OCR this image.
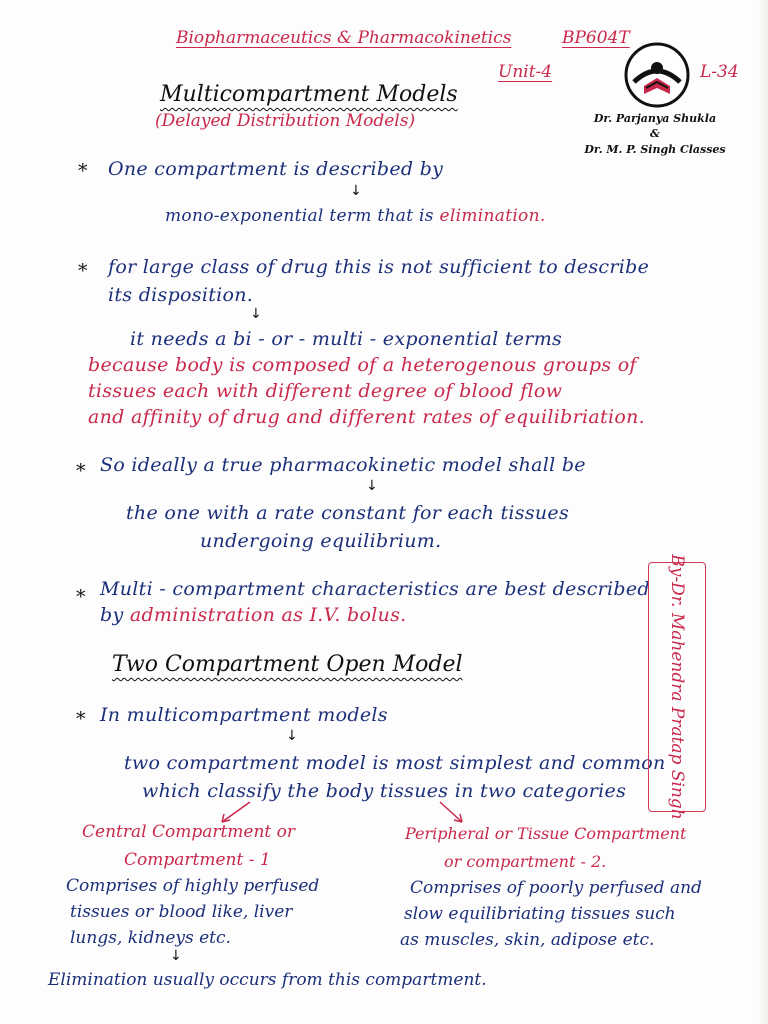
Biopharmaceutics & Pharmacokinetics	BP604T
Unit-4	L-34
Dr. Parjanya Shukla
&
Dr. M. P. Singh Classes
Multicompartment Models
(Delayed Distribution Models)
* One compartment is described by
↓
mono-exponential term that is elimination.
* for large class of drug this is not sufficient to describe
its disposition.
↓
it needs a bi - or - multi - exponential terms
because body is composed of a heterogenous groups of
tissues each with different degree of blood flow
and affinity of drug and different rates of equilibriation.
* So ideally a true pharmacokinetic model shall be
↓
the one with a rate constant for each tissues
undergoing equilibrium.
* Multi - compartment characteristics are best described
by administration as I.V. bolus.
Two Compartment Open Model
* In multicompartment models
↓
two compartment model is most simplest and common
which classify the body tissues in two categories
Central Compartment or
Compartment - 1
Comprises of highly perfused
tissues or blood like, liver
lungs, kidneys etc.
↓
Peripheral or Tissue Compartment
or compartment - 2.
Comprises of poorly perfused and
slow equilibriating tissues such
as muscles, skin, adipose etc.
Elimination usually occurs from this compartment.
By-Dr. Mahendra Pratap Singh
